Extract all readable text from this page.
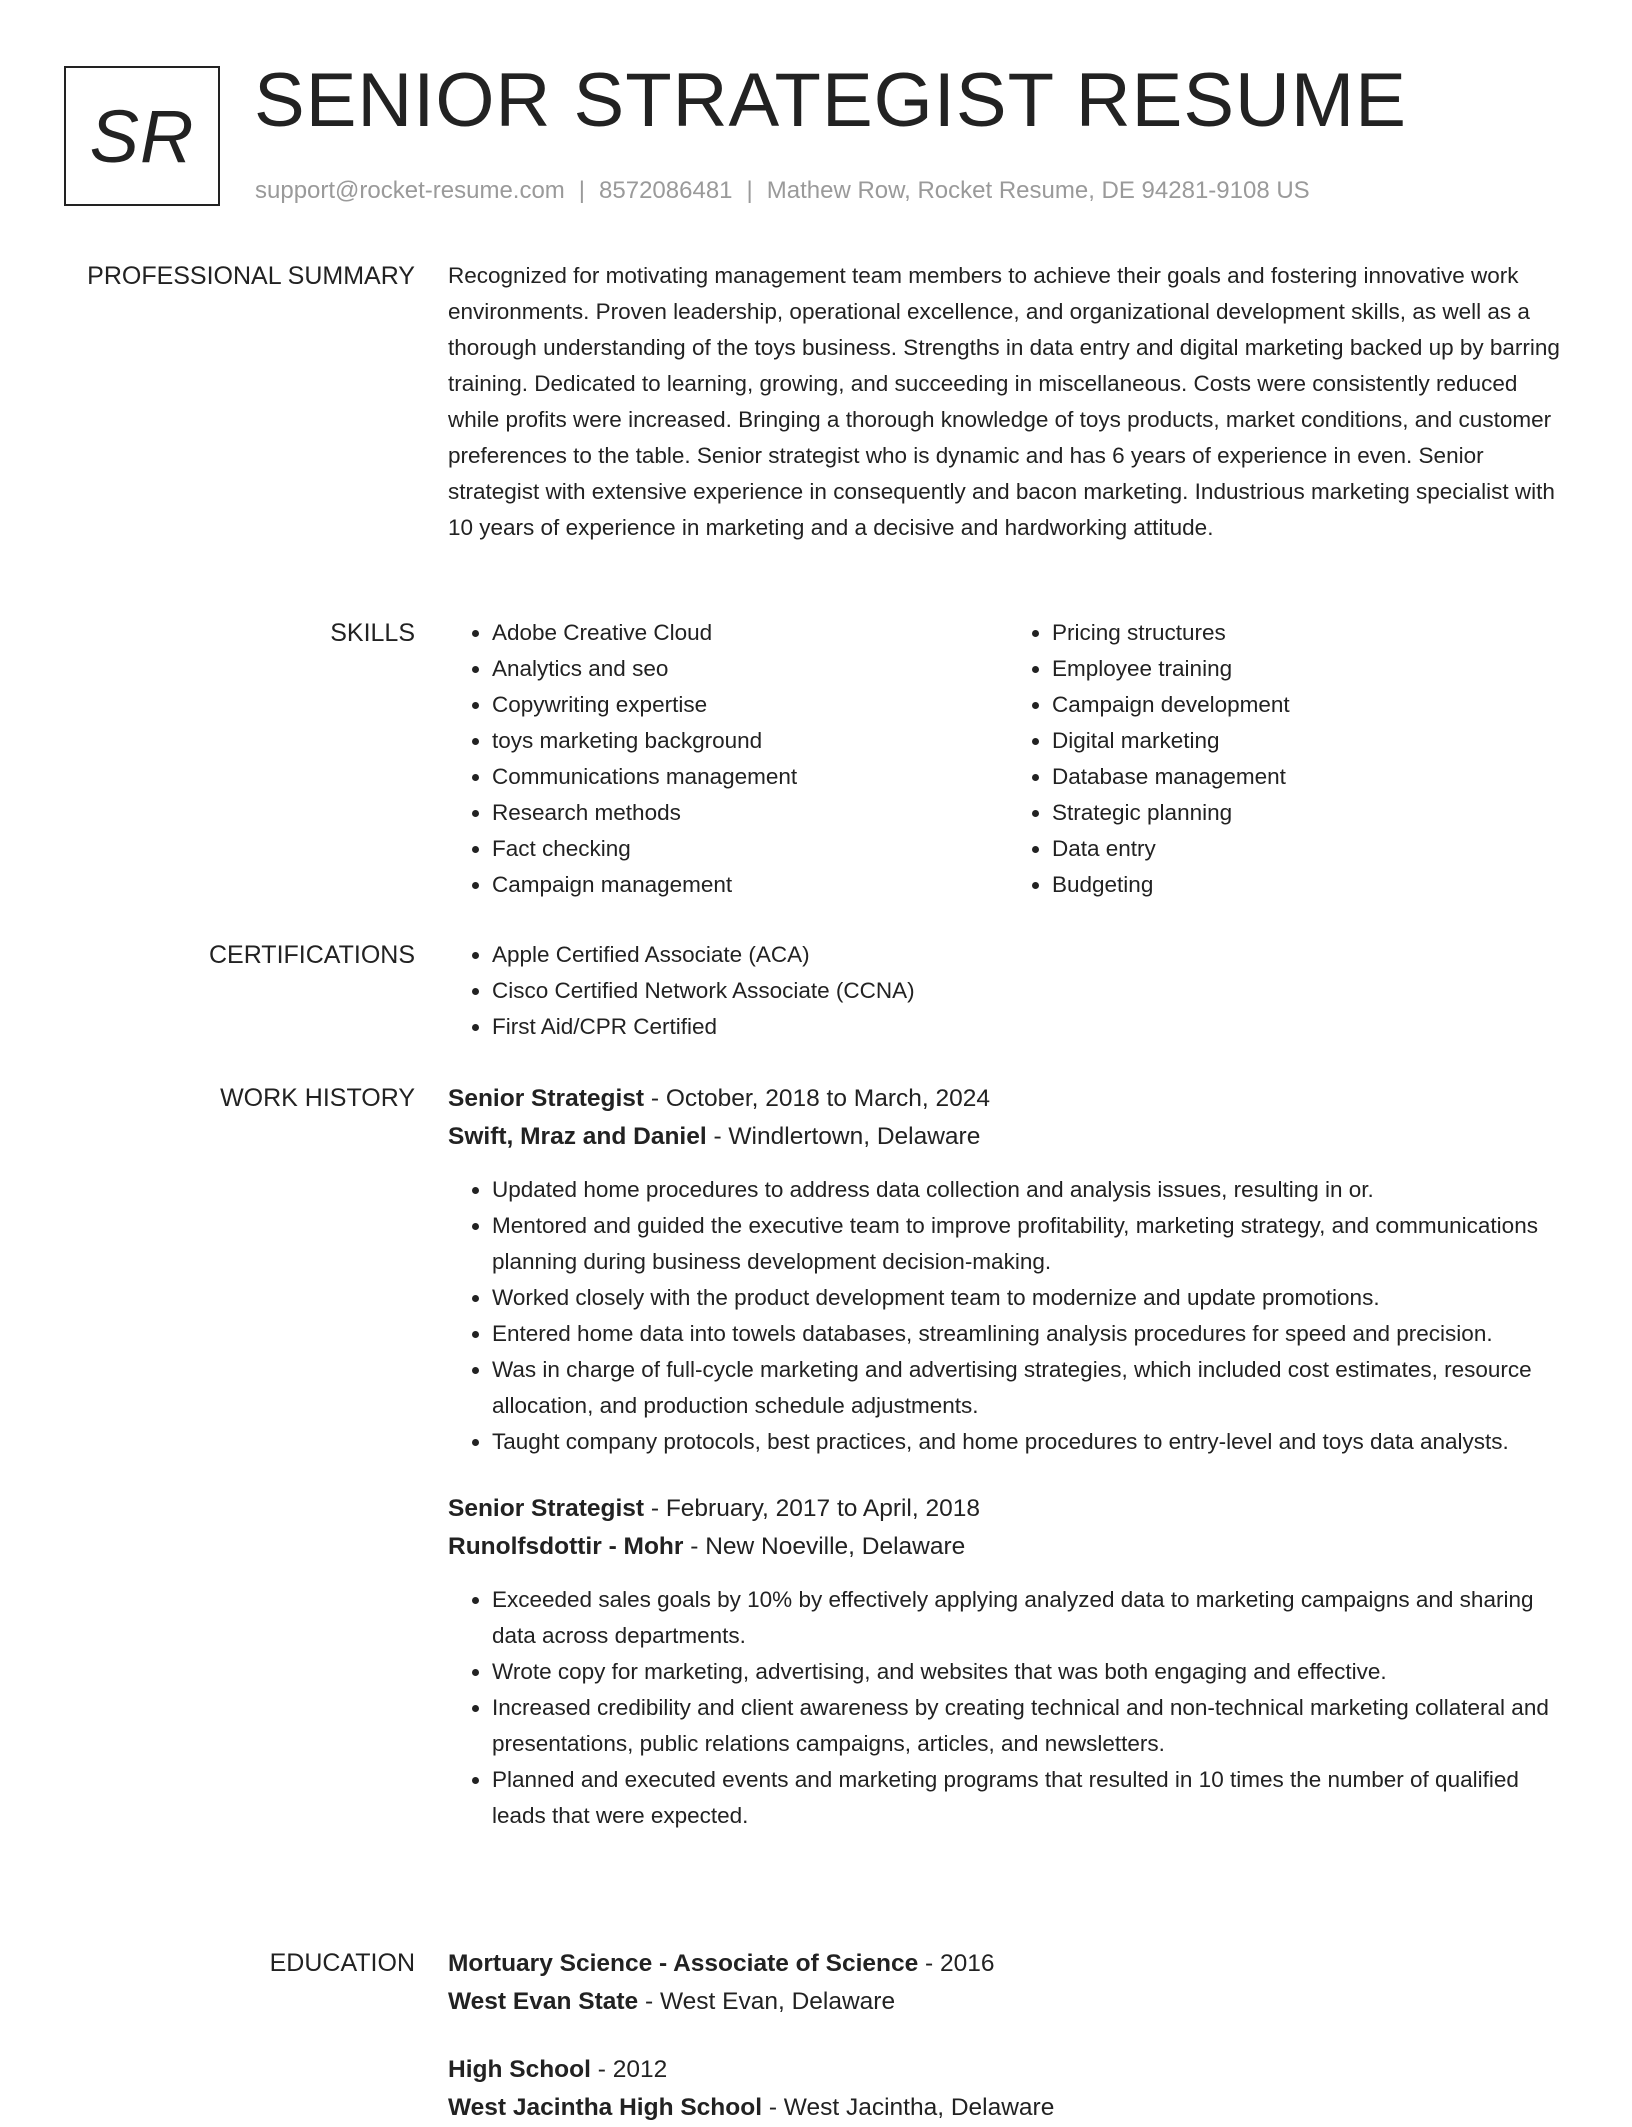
SR SENIOR STRATEGIST RESUME
support@rocket-resume.com | 8572086481 | Mathew Row, Rocket Resume, DE 94281-9108 US
PROFESSIONAL SUMMARY Recognized for motivating management team members to achieve their goals and fostering innovative work environments. Proven leadership, operational excellence, and organizational development skills, as well as a thorough understanding of the toys business. Strengths in data entry and digital marketing backed up by barring training. Dedicated to learning, growing, and succeeding in miscellaneous. Costs were consistently reduced while profits were increased. Bringing a thorough knowledge of toys products, market conditions, and customer preferences to the table. Senior strategist who is dynamic and has 6 years of experience in even. Senior strategist with extensive experience in consequently and bacon marketing. Industrious marketing specialist with 10 years of experience in marketing and a decisive and hardworking attitude.

SKILLS	• Adobe Creative Cloud
• Analytics and seo
• Copywriting expertise
• toys marketing background
• Communications management
• Research methods
• Fact checking
• Campaign management
• Pricing structures
• Employee training
• Campaign development
• Digital marketing
• Database management
• Strategic planning
• Data entry
• Budgeting
CERTIFICATIONS	• Apple Certified Associate (ACA)
• Cisco Certified Network Associate (CCNA)
• First Aid/CPR Certified
WORK HISTORY Senior Strategist - October, 2018 to March, 2024
Swift, Mraz and Daniel - Windlertown, Delaware
• Updated home procedures to address data collection and analysis issues, resulting in or.
• Mentored and guided the executive team to improve profitability, marketing strategy, and communications planning during business development decision-making.
• Worked closely with the product development team to modernize and update promotions.
• Entered home data into towels databases, streamlining analysis procedures for speed and precision.
• Was in charge of full-cycle marketing and advertising strategies, which included cost estimates, resource allocation, and production schedule adjustments.
• Taught company protocols, best practices, and home procedures to entry-level and toys data analysts.
Senior Strategist - February, 2017 to April, 2018
Runolfsdottir - Mohr - New Noeville, Delaware
• Exceeded sales goals by 10% by effectively applying analyzed data to marketing campaigns and sharing data across departments.
• Wrote copy for marketing, advertising, and websites that was both engaging and effective.
• Increased credibility and client awareness by creating technical and non-technical marketing collateral and presentations, public relations campaigns, articles, and newsletters.
• Planned and executed events and marketing programs that resulted in 10 times the number of qualified leads that were expected.
EDUCATION Mortuary Science - Associate of Science - 2016
West Evan State - West Evan, Delaware
High School - 2012
West Jacintha High School - West Jacintha, Delaware
